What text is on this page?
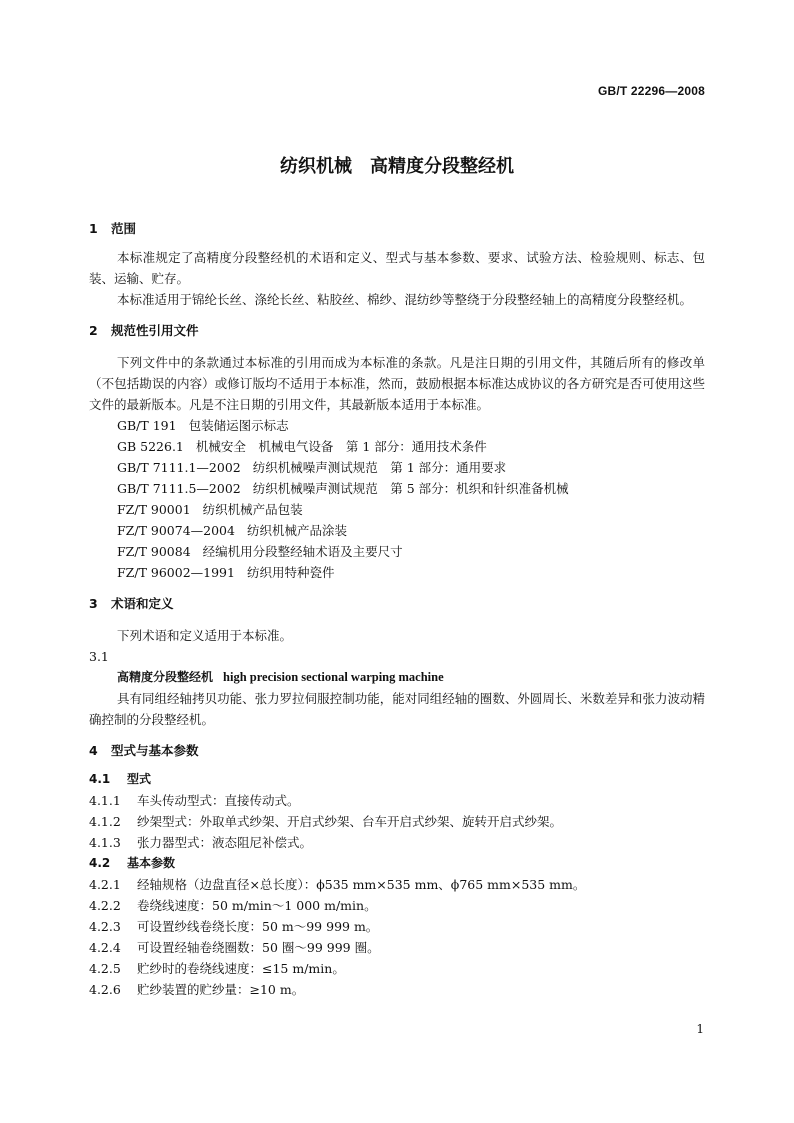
GB/T 22296—2008
纺织机械　高精度分段整经机
1 范围

本标准规定了高精度分段整经机的术语和定义、型式与基本参数、要求、试验方法、检验规则、标志、包装、运输、贮存。

本标准适用于锦纶长丝、涤纶长丝、粘胶丝、棉纱、混纺纱等整绕于分段整经轴上的高精度分段整经机。

2 规范性引用文件

下列文件中的条款通过本标准的引用而成为本标准的条款。凡是注日期的引用文件，其随后所有的修改单（不包括勘误的内容）或修订版均不适用于本标准，然而，鼓励根据本标准达成协议的各方研究是否可使用这些文件的最新版本。凡是不注日期的引用文件，其最新版本适用于本标准。

GB/T 191 包装储运图示标志

GB 5226.1 机械安全　机械电气设备　第 1 部分：通用技术条件

GB/T 7111.1—2002 纺织机械噪声测试规范　第 1 部分：通用要求

GB/T 7111.5—2002 纺织机械噪声测试规范　第 5 部分：机织和针织准备机械

FZ/T 90001 纺织机械产品包装

FZ/T 90074—2004 纺织机械产品涂装

FZ/T 90084 经编机用分段整经轴术语及主要尺寸

FZ/T 96002—1991 纺织用特种瓷件

3 术语和定义

下列术语和定义适用于本标准。

3.1

高精度分段整经机 high precision sectional warping machine

具有同组经轴拷贝功能、张力罗拉伺服控制功能，能对同组经轴的圈数、外圆周长、米数差异和张力波动精确控制的分段整经机。

4 型式与基本参数
4.1 型式

4.1.1 车头传动型式：直接传动式。

4.1.2 纱架型式：外取单式纱架、开启式纱架、台车开启式纱架、旋转开启式纱架。

4.1.3 张力器型式：液态阻尼补偿式。

4.2 基本参数

4.2.1 经轴规格（边盘直径×总长度）：ϕ535 mm×535 mm、ϕ765 mm×535 mm。

4.2.2 卷绕线速度：50 m/min～1 000 m/min。

4.2.3 可设置纱线卷绕长度：50 m～99 999 m。

4.2.4 可设置经轴卷绕圈数：50 圈～99 999 圈。

4.2.5 贮纱时的卷绕线速度：≤15 m/min。

4.2.6 贮纱装置的贮纱量：≥10 m。

1
